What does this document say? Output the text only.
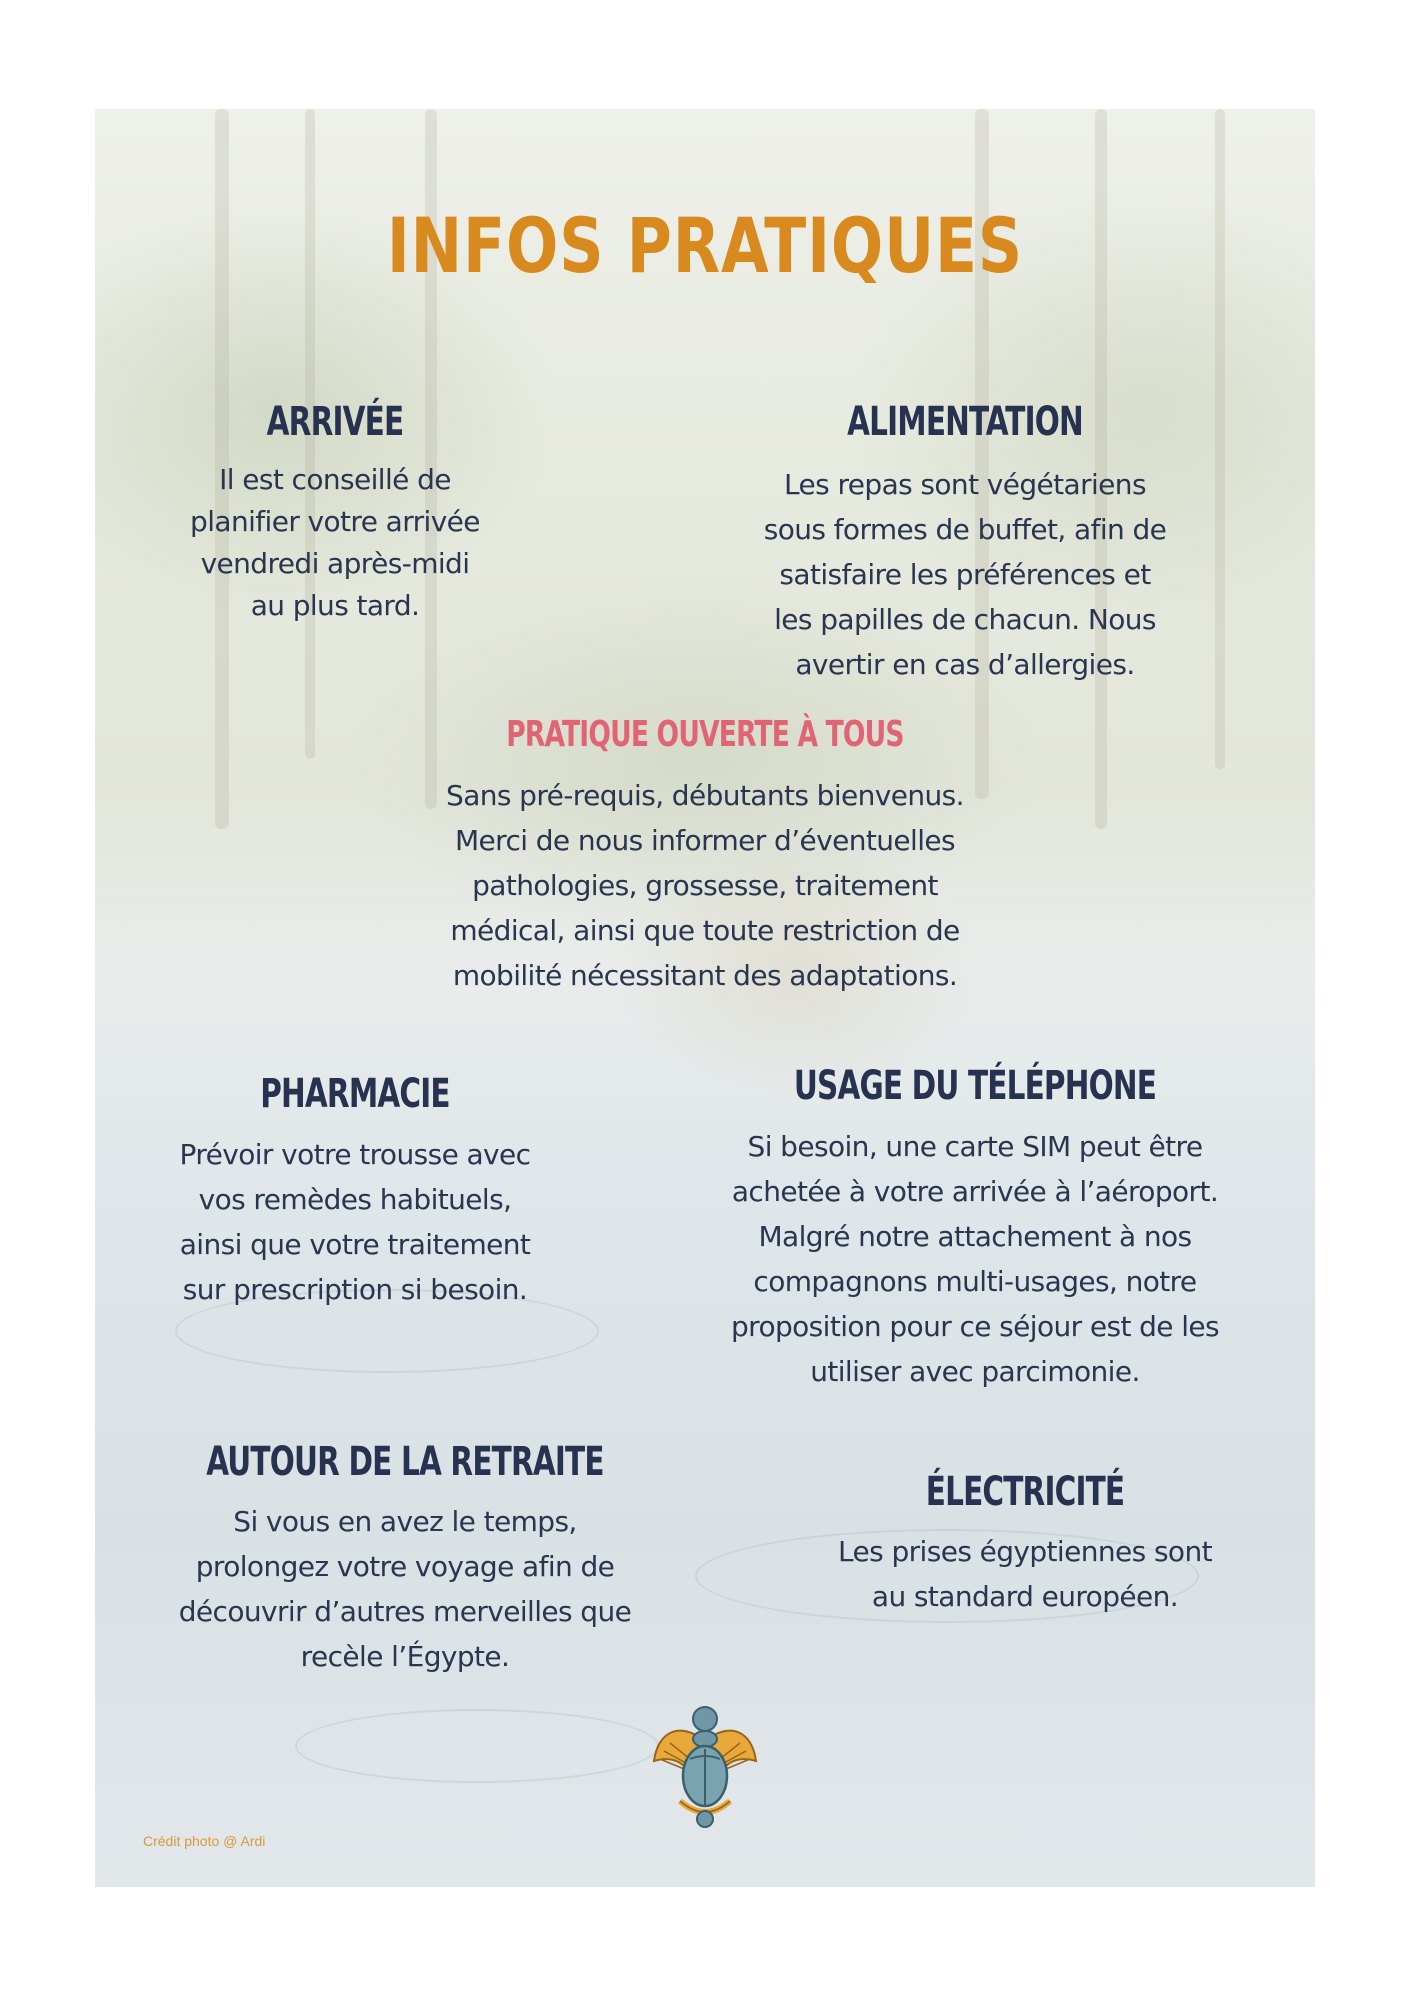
INFOS PRATIQUES
ARRIVÉE
Il est conseillé de
planifier votre arrivée
vendredi après-midi
au plus tard.
ALIMENTATION
Les repas sont végétariens
sous formes de buffet, afin de
satisfaire les préférences et
les papilles de chacun. Nous
avertir en cas d’allergies.
PRATIQUE OUVERTE À TOUS
Sans pré-requis, débutants bienvenus.
Merci de nous informer d’éventuelles
pathologies, grossesse, traitement
médical, ainsi que toute restriction de
mobilité nécessitant des adaptations.
PHARMACIE
Prévoir votre trousse avec
vos remèdes habituels,
ainsi que votre traitement
sur prescription si besoin.
USAGE DU TÉLÉPHONE
Si besoin, une carte SIM peut être
achetée à votre arrivée à l’aéroport.
Malgré notre attachement à nos
compagnons multi-usages, notre
proposition pour ce séjour est de les
utiliser avec parcimonie.
AUTOUR DE LA RETRAITE
Si vous en avez le temps,
prolongez votre voyage afin de
découvrir d’autres merveilles que
recèle l’Égypte.
ÉLECTRICITÉ
Les prises égyptiennes sont
au standard européen.
Crédit photo @ Ardi
